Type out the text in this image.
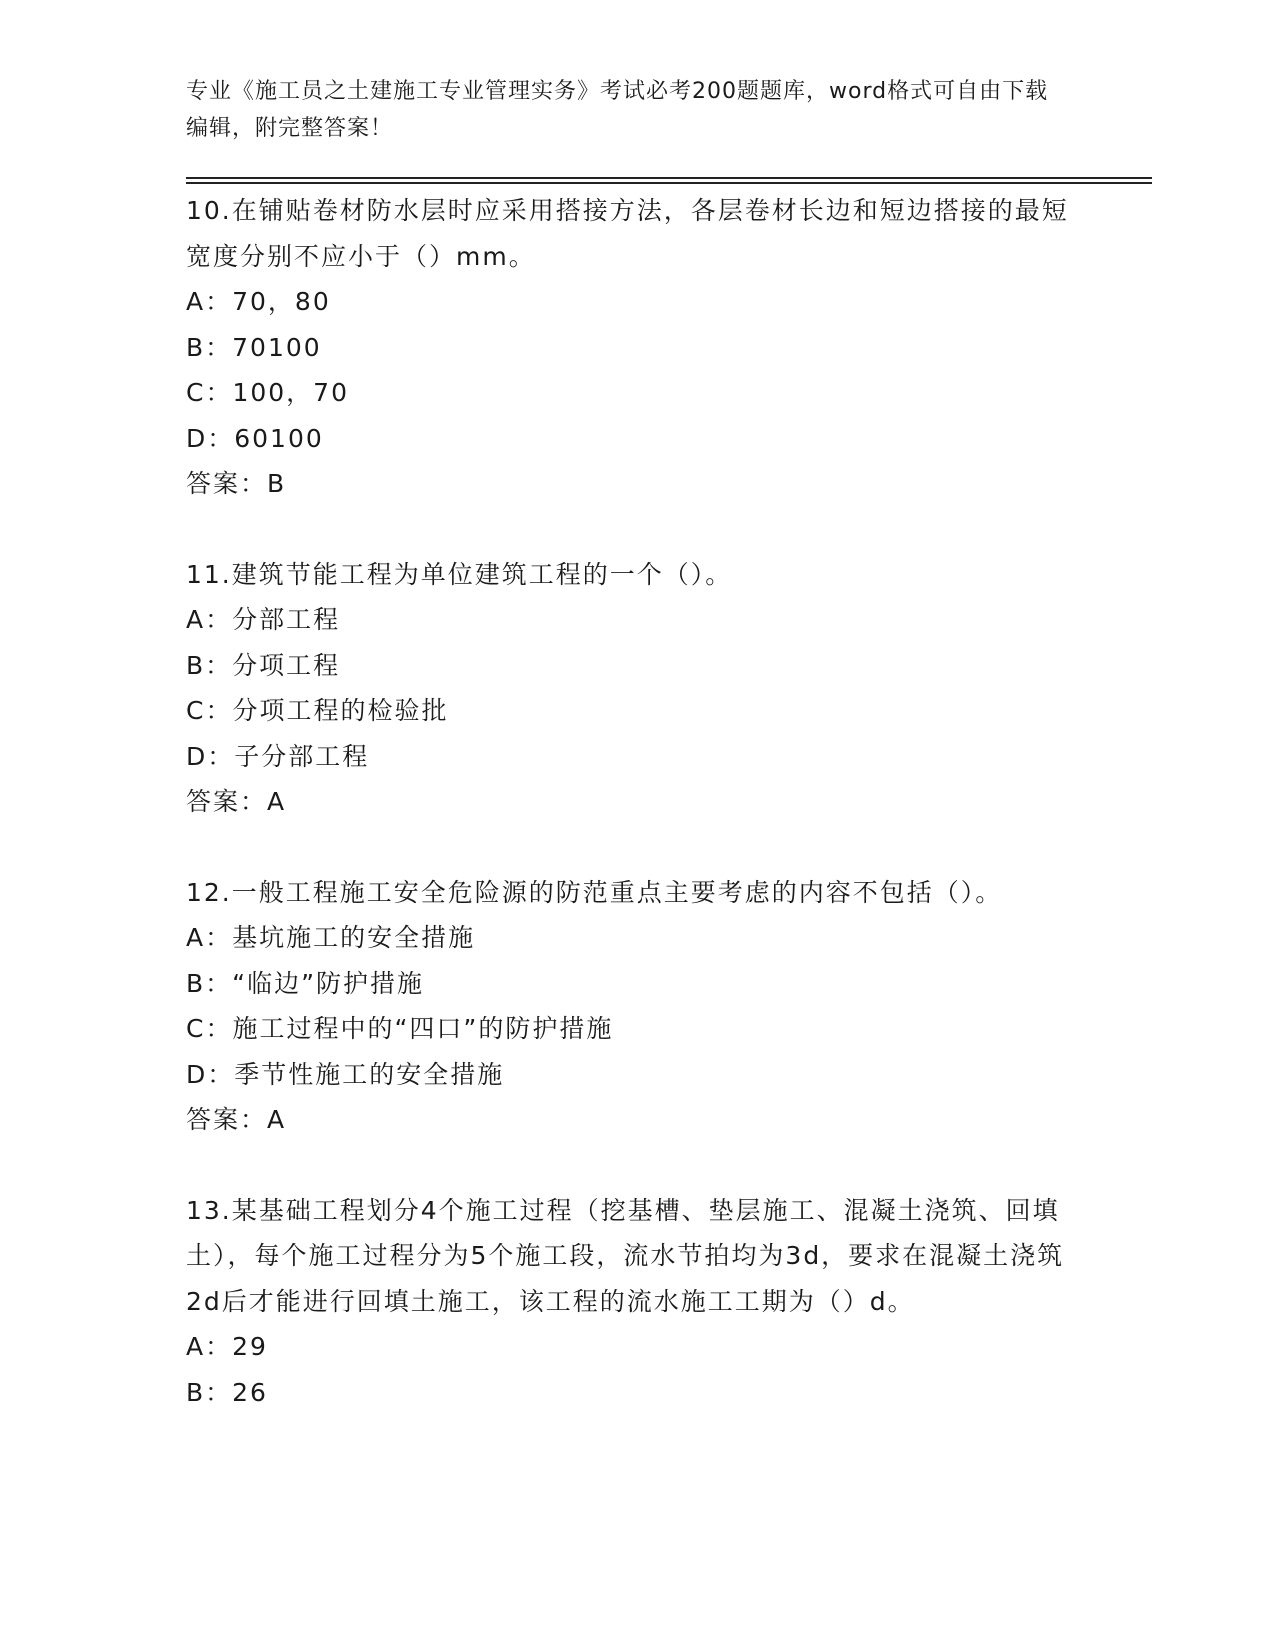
专业《施工员之土建施工专业管理实务》考试必考200题题库，word格式可自由下载编辑，附完整答案！
10.在铺贴卷材防水层时应采用搭接方法，各层卷材长边和短边搭接的最短宽度分别不应小于（）mm。
A：70，80
B：70100
C：100，70
D：60100
答案：B
11.建筑节能工程为单位建筑工程的一个（）。
A：分部工程
B：分项工程
C：分项工程的检验批
D：子分部工程
答案：A
12.一般工程施工安全危险源的防范重点主要考虑的内容不包括（）。
A：基坑施工的安全措施
B：“临边”防护措施
C：施工过程中的“四口”的防护措施
D：季节性施工的安全措施
答案：A
13.某基础工程划分4个施工过程（挖基槽、垫层施工、混凝土浇筑、回填土），每个施工过程分为5个施工段，流水节拍均为3d，要求在混凝土浇筑2d后才能进行回填土施工，该工程的流水施工工期为（）d。
A：29
B：26
